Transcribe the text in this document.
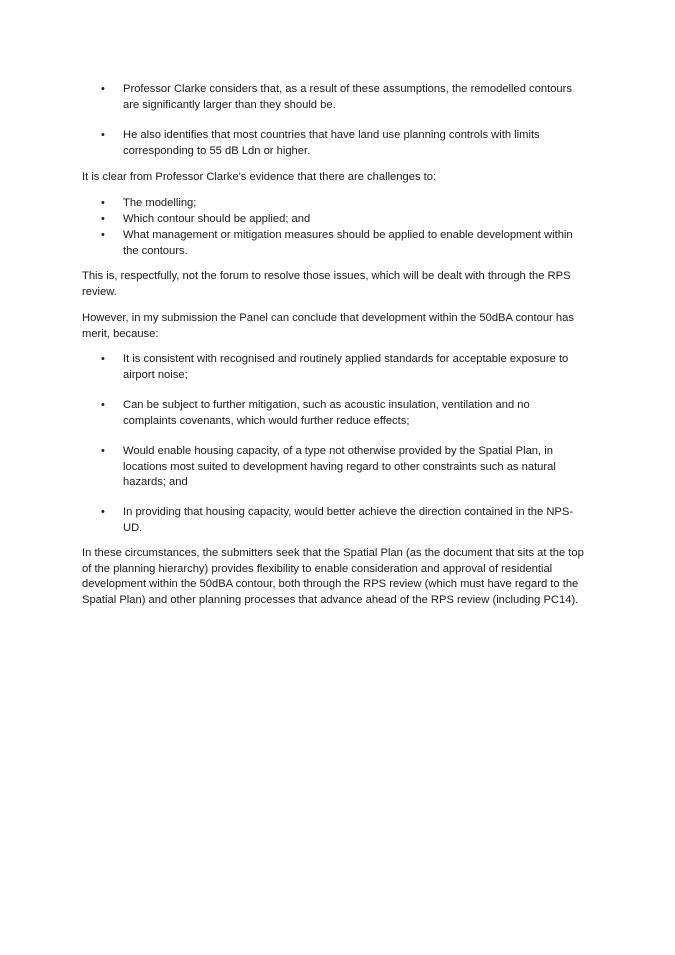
•	Professor Clarke considers that, as a result of these assumptions, the remodelled contours are significantly larger than they should be.
•	He also identifies that most countries that have land use planning controls with limits corresponding to 55 dB Ldn or higher.

It is clear from Professor Clarke's evidence that there are challenges to:

•	The modelling;
•	Which contour should be applied; and
•	What management or mitigation measures should be applied to enable development within the contours.

This is, respectfully, not the forum to resolve those issues, which will be dealt with through the RPS review.

However, in my submission the Panel can conclude that development within the 50dBA contour has merit, because:

•	It is consistent with recognised and routinely applied standards for acceptable exposure to airport noise;
•	Can be subject to further mitigation, such as acoustic insulation, ventilation and no complaints covenants, which would further reduce effects;
•	Would enable housing capacity, of a type not otherwise provided by the Spatial Plan, in locations most suited to development having regard to other constraints such as natural hazards; and
•	In providing that housing capacity, would better achieve the direction contained in the NPS-UD.

In these circumstances, the submitters seek that the Spatial Plan (as the document that sits at the top of the planning hierarchy) provides flexibility to enable consideration and approval of residential development within the 50dBA contour, both through the RPS review (which must have regard to the Spatial Plan) and other planning processes that advance ahead of the RPS review (including PC14).
